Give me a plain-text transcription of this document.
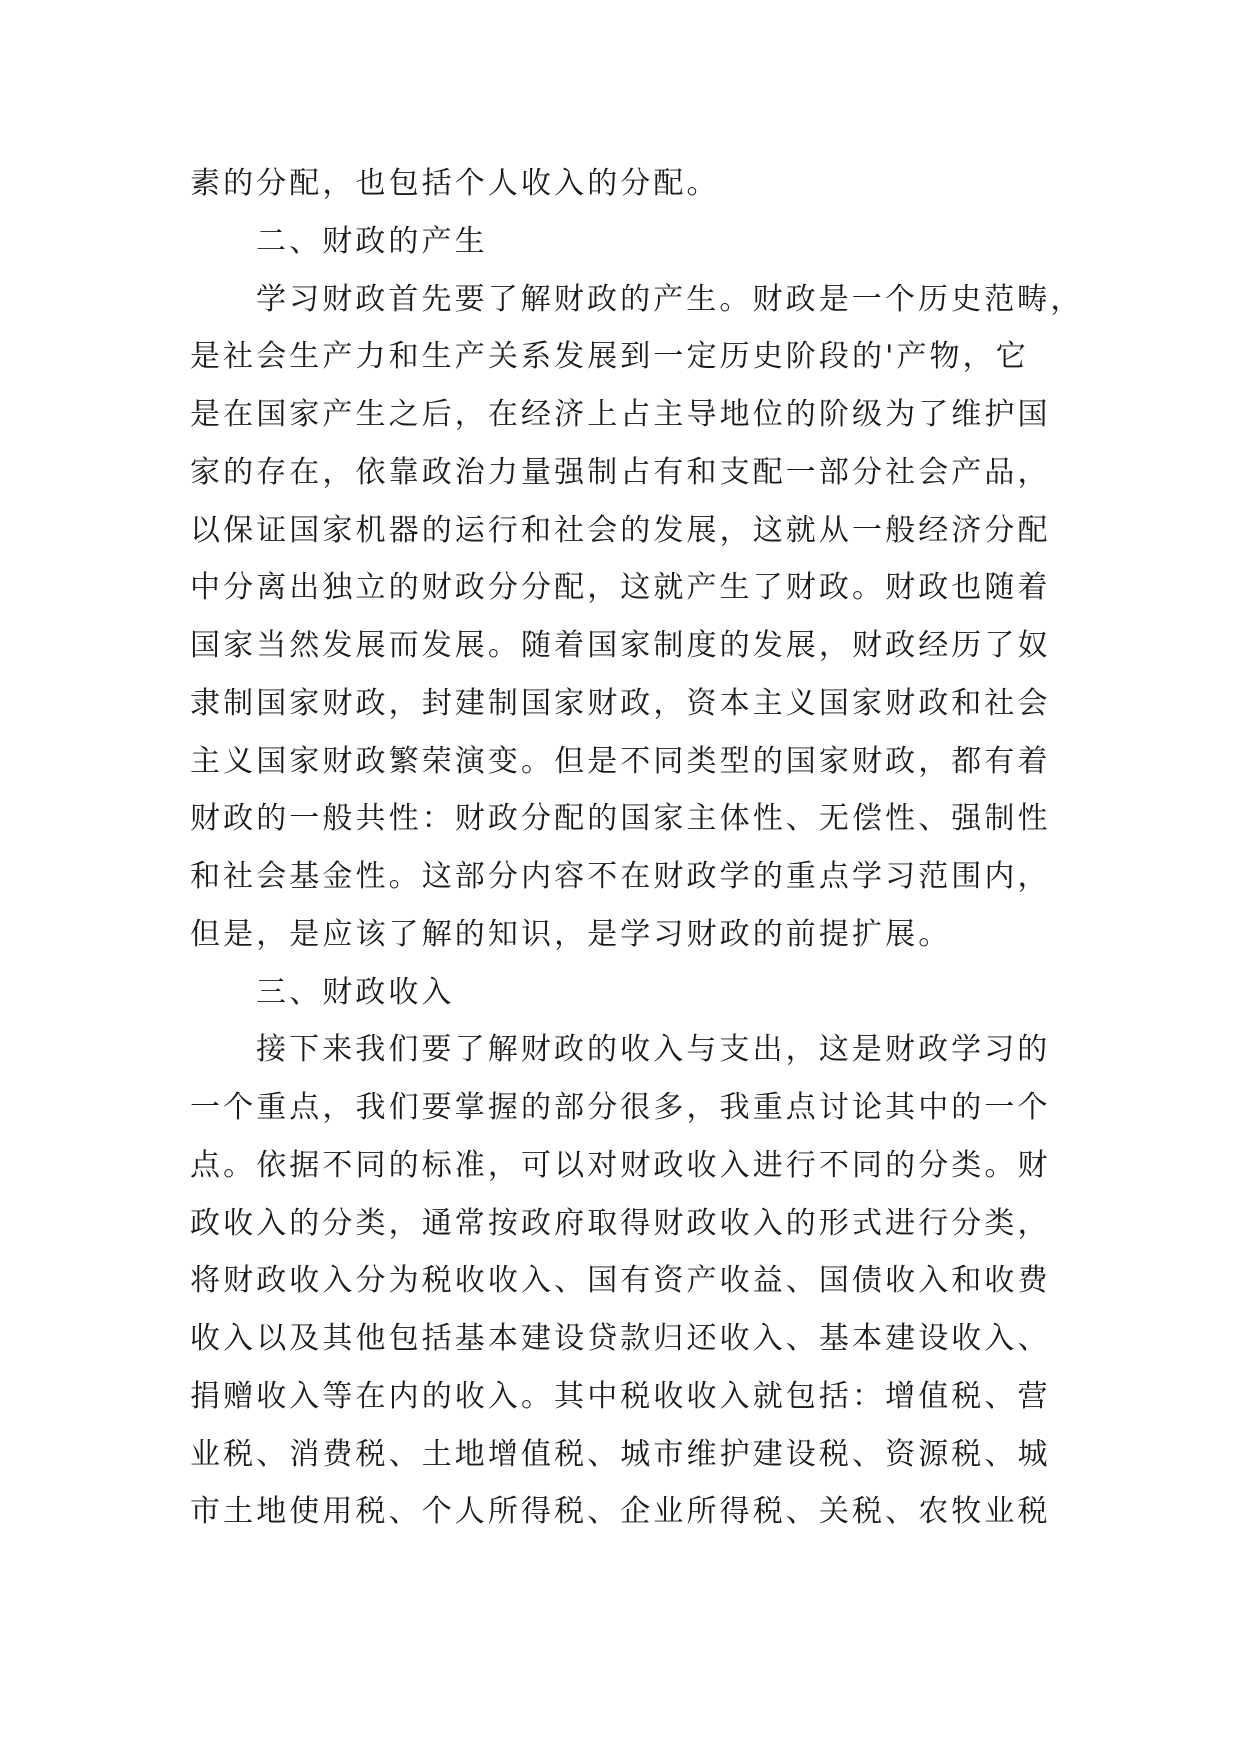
素的分配，也包括个人收入的分配。
二、财政的产生
学习财政首先要了解财政的产生。财政是一个历史范畴，
是社会生产力和生产关系发展到一定历史阶段的'产物，它
是在国家产生之后，在经济上占主导地位的阶级为了维护国
家的存在，依靠政治力量强制占有和支配一部分社会产品，
以保证国家机器的运行和社会的发展，这就从一般经济分配
中分离出独立的财政分分配，这就产生了财政。财政也随着
国家当然发展而发展。随着国家制度的发展，财政经历了奴
隶制国家财政，封建制国家财政，资本主义国家财政和社会
主义国家财政繁荣演变。但是不同类型的国家财政，都有着
财政的一般共性：财政分配的国家主体性、无偿性、强制性
和社会基金性。这部分内容不在财政学的重点学习范围内，
但是，是应该了解的知识，是学习财政的前提扩展。
三、财政收入
接下来我们要了解财政的收入与支出，这是财政学习的
一个重点，我们要掌握的部分很多，我重点讨论其中的一个
点。依据不同的标准，可以对财政收入进行不同的分类。财
政收入的分类，通常按政府取得财政收入的形式进行分类，
将财政收入分为税收收入、国有资产收益、国债收入和收费
收入以及其他包括基本建设贷款归还收入、基本建设收入、
捐赠收入等在内的收入。其中税收收入就包括：增值税、营
业税、消费税、土地增值税、城市维护建设税、资源税、城
市土地使用税、个人所得税、企业所得税、关税、农牧业税
